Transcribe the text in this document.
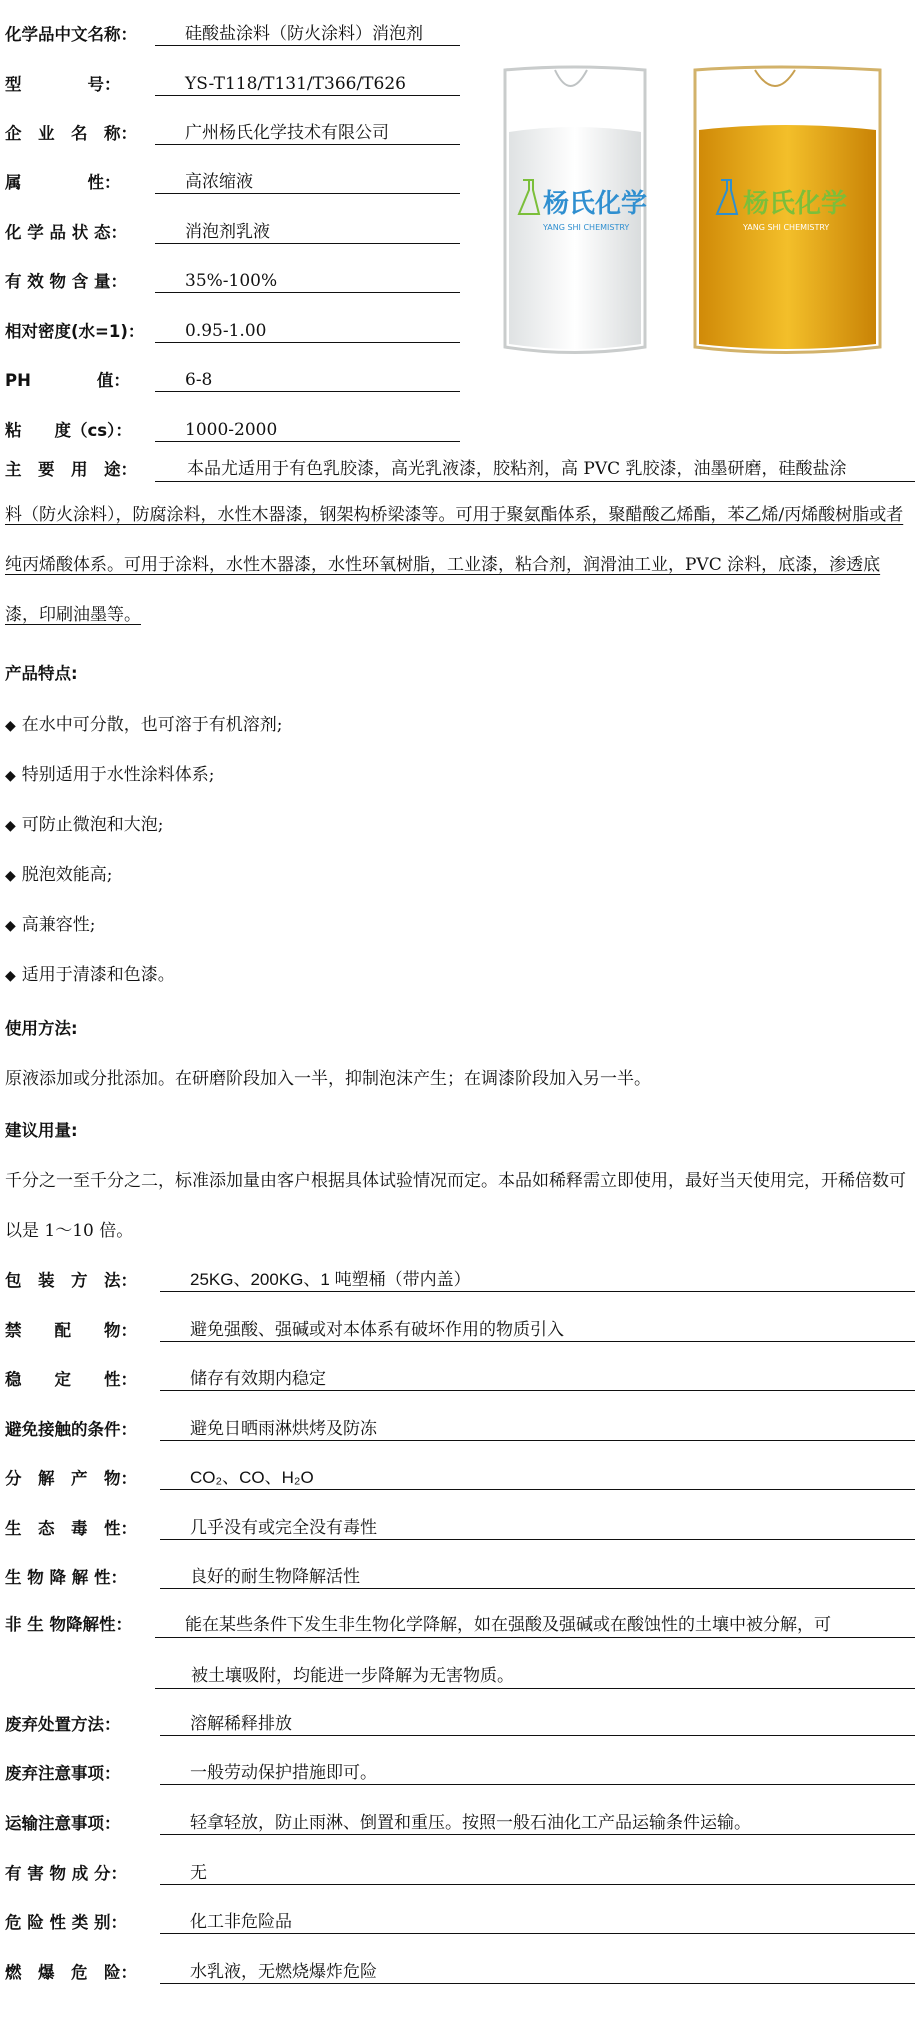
化学品中文名称：	硅酸盐涂料（防火涂料）消泡剂
型　　　　号：	YS-T118/T131/T366/T626
企　业　名　称：	广州杨氏化学技术有限公司
属　　　　性：	高浓缩液
化 学 品 状 态：	消泡剂乳液
有 效 物 含 量：	35%-100%
相对密度(水=1)：	0.95-1.00
PH　　　　值：	6-8
粘　　度（cs）：	1000-2000
杨氏化学
YANG SHI CHEMISTRY
杨氏化学
YANG SHI CHEMISTRY
主　要　用　途：	本品尤适用于有色乳胶漆，高光乳液漆，胶粘剂，高 PVC 乳胶漆，油墨研磨，硅酸盐涂
料（防火涂料），防腐涂料，水性木器漆，钢架构桥梁漆等。可用于聚氨酯体系，聚醋酸乙烯酯，苯乙烯/丙烯酸树脂或者纯丙烯酸体系。可用于涂料，水性木器漆，水性环氧树脂，工业漆，粘合剂，润滑油工业，PVC 涂料，底漆，渗透底漆，印刷油墨等。
产品特点:
◆ 在水中可分散，也可溶于有机溶剂;
◆ 特别适用于水性涂料体系;
◆ 可防止微泡和大泡;
◆ 脱泡效能高;
◆ 高兼容性;
◆ 适用于清漆和色漆。
使用方法:
原液添加或分批添加。在研磨阶段加入一半，抑制泡沫产生；在调漆阶段加入另一半。
建议用量:
千分之一至千分之二，标准添加量由客户根据具体试验情况而定。本品如稀释需立即使用，最好当天使用完，开稀倍数可以是 1～10 倍。
包　装　方　法：	25KG、200KG、1 吨塑桶（带内盖）
禁　　配　　物：	避免强酸、强碱或对本体系有破坏作用的物质引入
稳　　定　　性：	储存有效期内稳定
避免接触的条件：	避免日晒雨淋烘烤及防冻
分　解　产　物：	CO₂、CO、H₂O
生　态　毒　性：	几乎没有或完全没有毒性
生 物 降 解 性：	良好的耐生物降解活性
非 生 物降解性：	能在某些条件下发生非生物化学降解，如在强酸及强碱或在酸蚀性的土壤中被分解，可
被土壤吸附，均能进一步降解为无害物质。
废弃处置方法：	溶解稀释排放
废弃注意事项：	一般劳动保护措施即可。
运输注意事项：	轻拿轻放，防止雨淋、倒置和重压。按照一般石油化工产品运输条件运输。
有 害 物 成 分：	无
危 险 性 类 别：	化工非危险品
燃　爆　危　险：	水乳液，无燃烧爆炸危险
